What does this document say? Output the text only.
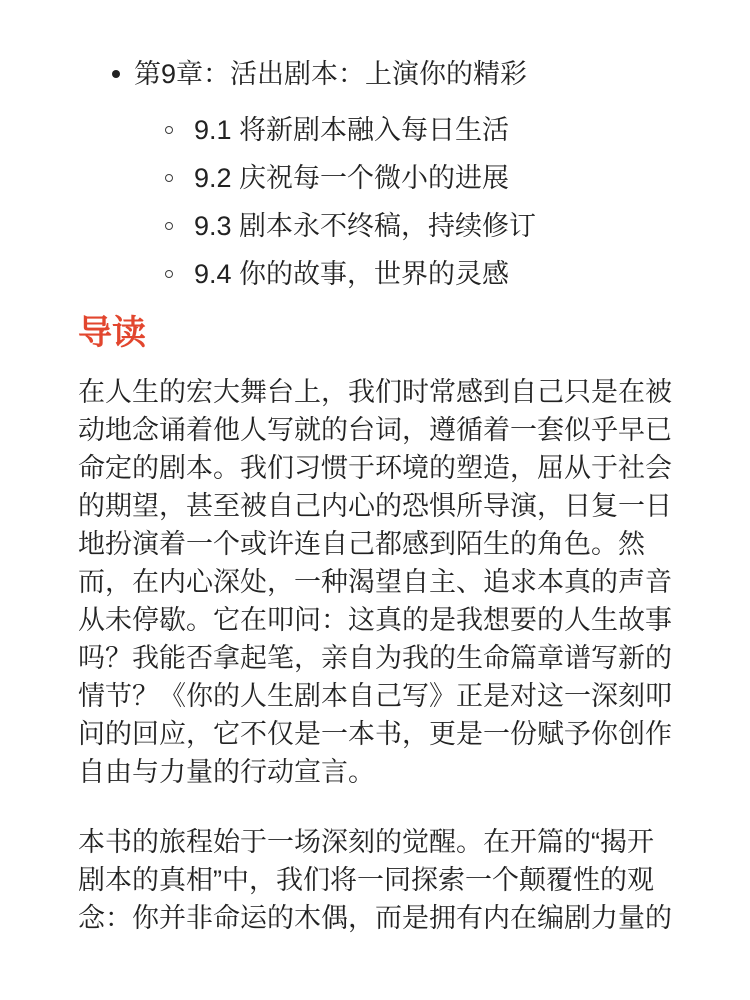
第9章：活出剧本：上演你的精彩
9.1 将新剧本融入每日生活
9.2 庆祝每一个微小的进展
9.3 剧本永不终稿，持续修订
9.4 你的故事，世界的灵感
导读

在人生的宏大舞台上，我们时常感到自己只是在被动地念诵着他人写就的台词，遵循着一套似乎早已命定的剧本。我们习惯于环境的塑造，屈从于社会的期望，甚至被自己内心的恐惧所导演，日复一日地扮演着一个或许连自己都感到陌生的角色。然而，在内心深处，一种渴望自主、追求本真的声音从未停歇。它在叩问：这真的是我想要的人生故事吗？我能否拿起笔，亲自为我的生命篇章谱写新的情节？《你的人生剧本自己写》正是对这一深刻叩问的回应，它不仅是一本书，更是一份赋予你创作自由与力量的行动宣言。

本书的旅程始于一场深刻的觉醒。在开篇的“揭开剧本的真相”中，我们将一同探索一个颠覆性的观念：你并非命运的木偶，而是拥有内在编剧力量的
